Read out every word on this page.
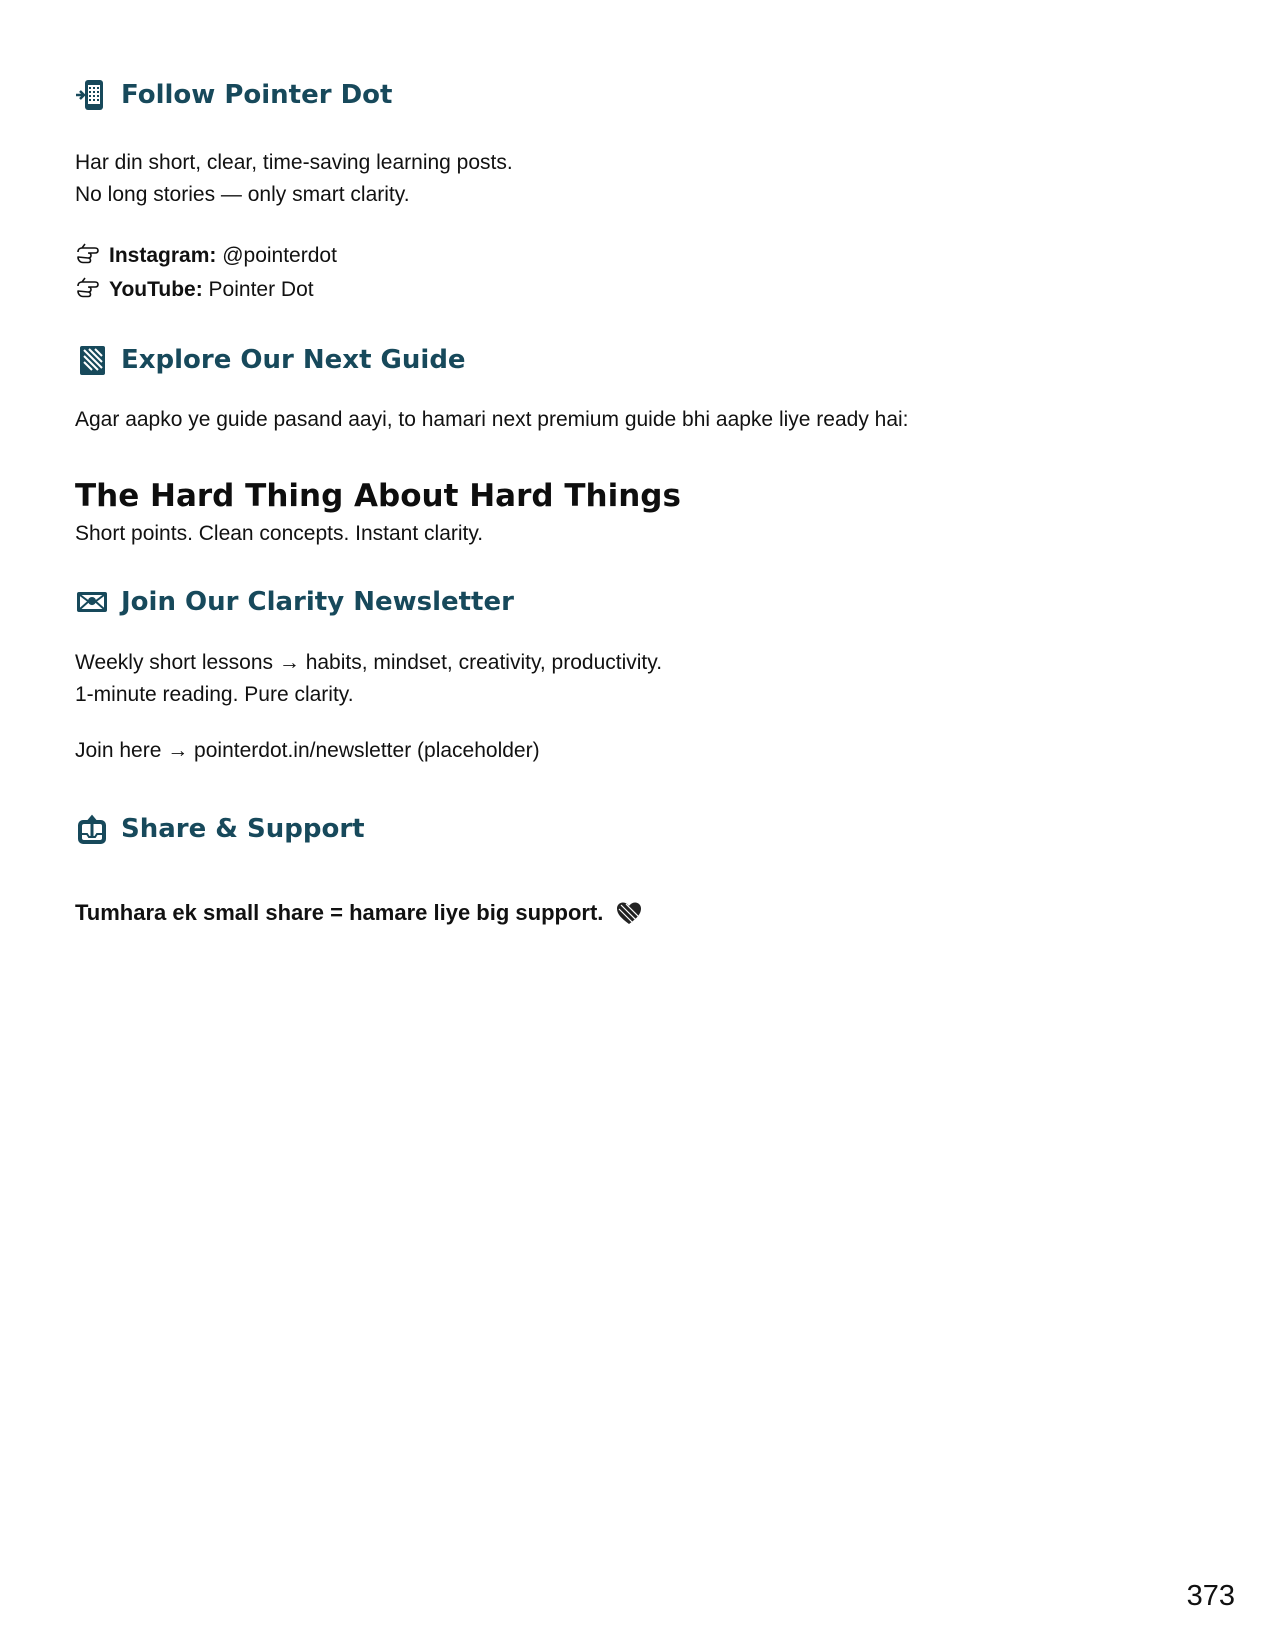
Follow Pointer Dot
Har din short, clear, time-saving learning posts.
No long stories — only smart clarity.
Instagram: @pointerdot
YouTube: Pointer Dot
Explore Our Next Guide
Agar aapko ye guide pasand aayi, to hamari next premium guide bhi aapke liye ready hai:
The Hard Thing About Hard Things
Short points. Clean concepts. Instant clarity.
Join Our Clarity Newsletter
Weekly short lessons → habits, mindset, creativity, productivity.
1-minute reading. Pure clarity.
Join here → pointerdot.in/newsletter (placeholder)
Share & Support
Tumhara ek small share = hamare liye big support.
373
